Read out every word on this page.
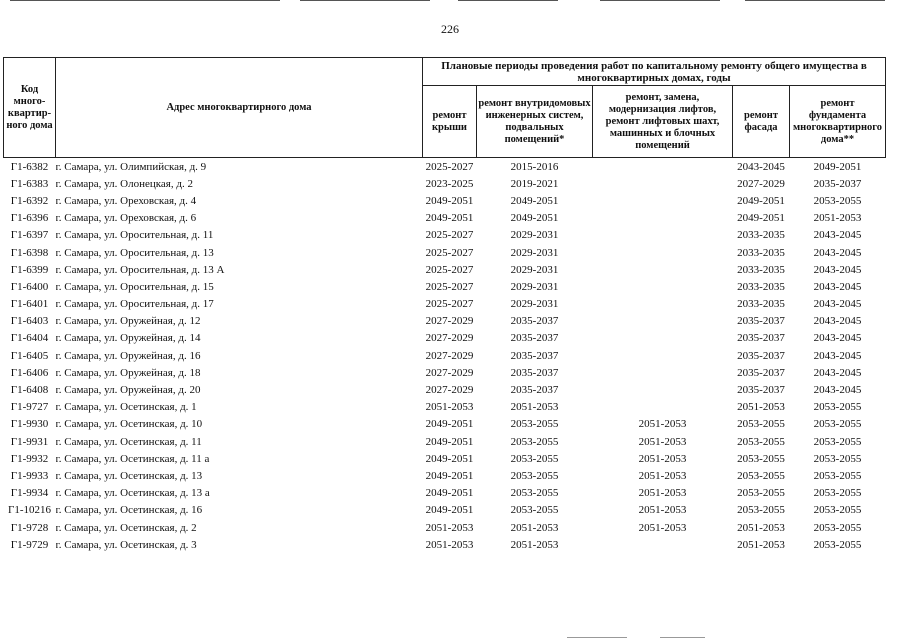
226
Код много-квартир-ного дома	Адрес многоквартирного дома	Плановые периоды проведения работ по капитальному ремонту общего имущества в многоквартирных домах, годы				
		ремонт крыши	ремонт внутридомовых инженерных систем, подвальных помещений*	ремонт, замена, модернизация лифтов, ремонт лифтовых шахт, машинных и блочных помещений	ремонт фасада	ремонт фундамента многоквартирного дома**
Г1-6382	г. Самара, ул. Олимпийская, д. 9	2025-2027	2015-2016		2043-2045	2049-2051
Г1-6383	г. Самара, ул. Олонецкая, д. 2	2023-2025	2019-2021		2027-2029	2035-2037
Г1-6392	г. Самара, ул. Ореховская, д. 4	2049-2051	2049-2051		2049-2051	2053-2055
Г1-6396	г. Самара, ул. Ореховская, д. 6	2049-2051	2049-2051		2049-2051	2051-2053
Г1-6397	г. Самара, ул. Оросительная, д. 11	2025-2027	2029-2031		2033-2035	2043-2045
Г1-6398	г. Самара, ул. Оросительная, д. 13	2025-2027	2029-2031		2033-2035	2043-2045
Г1-6399	г. Самара, ул. Оросительная, д. 13 А	2025-2027	2029-2031		2033-2035	2043-2045
Г1-6400	г. Самара, ул. Оросительная, д. 15	2025-2027	2029-2031		2033-2035	2043-2045
Г1-6401	г. Самара, ул. Оросительная, д. 17	2025-2027	2029-2031		2033-2035	2043-2045
Г1-6403	г. Самара, ул. Оружейная, д. 12	2027-2029	2035-2037		2035-2037	2043-2045
Г1-6404	г. Самара, ул. Оружейная, д. 14	2027-2029	2035-2037		2035-2037	2043-2045
Г1-6405	г. Самара, ул. Оружейная, д. 16	2027-2029	2035-2037		2035-2037	2043-2045
Г1-6406	г. Самара, ул. Оружейная, д. 18	2027-2029	2035-2037		2035-2037	2043-2045
Г1-6408	г. Самара, ул. Оружейная, д. 20	2027-2029	2035-2037		2035-2037	2043-2045
Г1-9727	г. Самара, ул. Осетинская, д. 1	2051-2053	2051-2053		2051-2053	2053-2055
Г1-9930	г. Самара, ул. Осетинская, д. 10	2049-2051	2053-2055	2051-2053	2053-2055	2053-2055
Г1-9931	г. Самара, ул. Осетинская, д. 11	2049-2051	2053-2055	2051-2053	2053-2055	2053-2055
Г1-9932	г. Самара, ул. Осетинская, д. 11 а	2049-2051	2053-2055	2051-2053	2053-2055	2053-2055
Г1-9933	г. Самара, ул. Осетинская, д. 13	2049-2051	2053-2055	2051-2053	2053-2055	2053-2055
Г1-9934	г. Самара, ул. Осетинская, д. 13 а	2049-2051	2053-2055	2051-2053	2053-2055	2053-2055
Г1-10216	г. Самара, ул. Осетинская, д. 16	2049-2051	2053-2055	2051-2053	2053-2055	2053-2055
Г1-9728	г. Самара, ул. Осетинская, д. 2	2051-2053	2051-2053	2051-2053	2051-2053	2053-2055
Г1-9729	г. Самара, ул. Осетинская, д. 3	2051-2053	2051-2053		2051-2053	2053-2055
